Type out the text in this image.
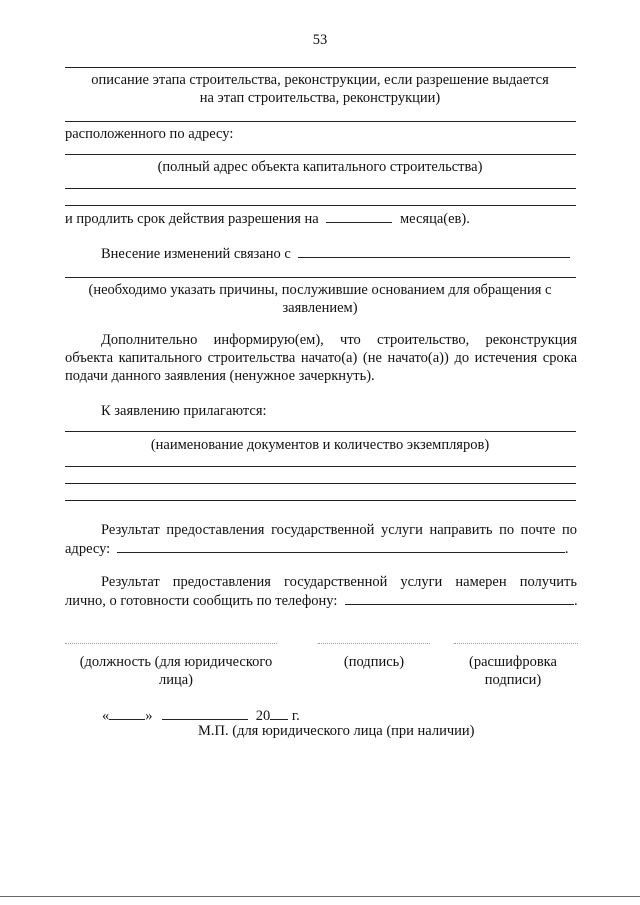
53
описание этапа строительства, реконструкции, если разрешение выдается
на этап строительства, реконструкции)
расположенного по адресу:
(полный адрес объекта капитального строительства)
и продлить срок действия разрешения на	месяца(ев).
Внесение изменений связано с
(необходимо указать причины, послужившие основанием для обращения с
заявлением)
Дополнительно информирую(ем), что строительство, реконструкция объекта капитального строительства начато(а) (не начато(а)) до истечения срока подачи данного заявления (ненужное зачеркнуть).
К заявлению прилагаются:
(наименование документов и количество экземпляров)
Результат предоставления государственной услуги направить по почте по
адресу:	.
Результат предоставления государственной услуги намерен получить
лично, о готовности сообщить по телефону:	.
(должность (для юридического
лица)
(подпись)	(расшифровка
подписи)
« »	20 г.
М.П. (для юридического лица (при наличии)
